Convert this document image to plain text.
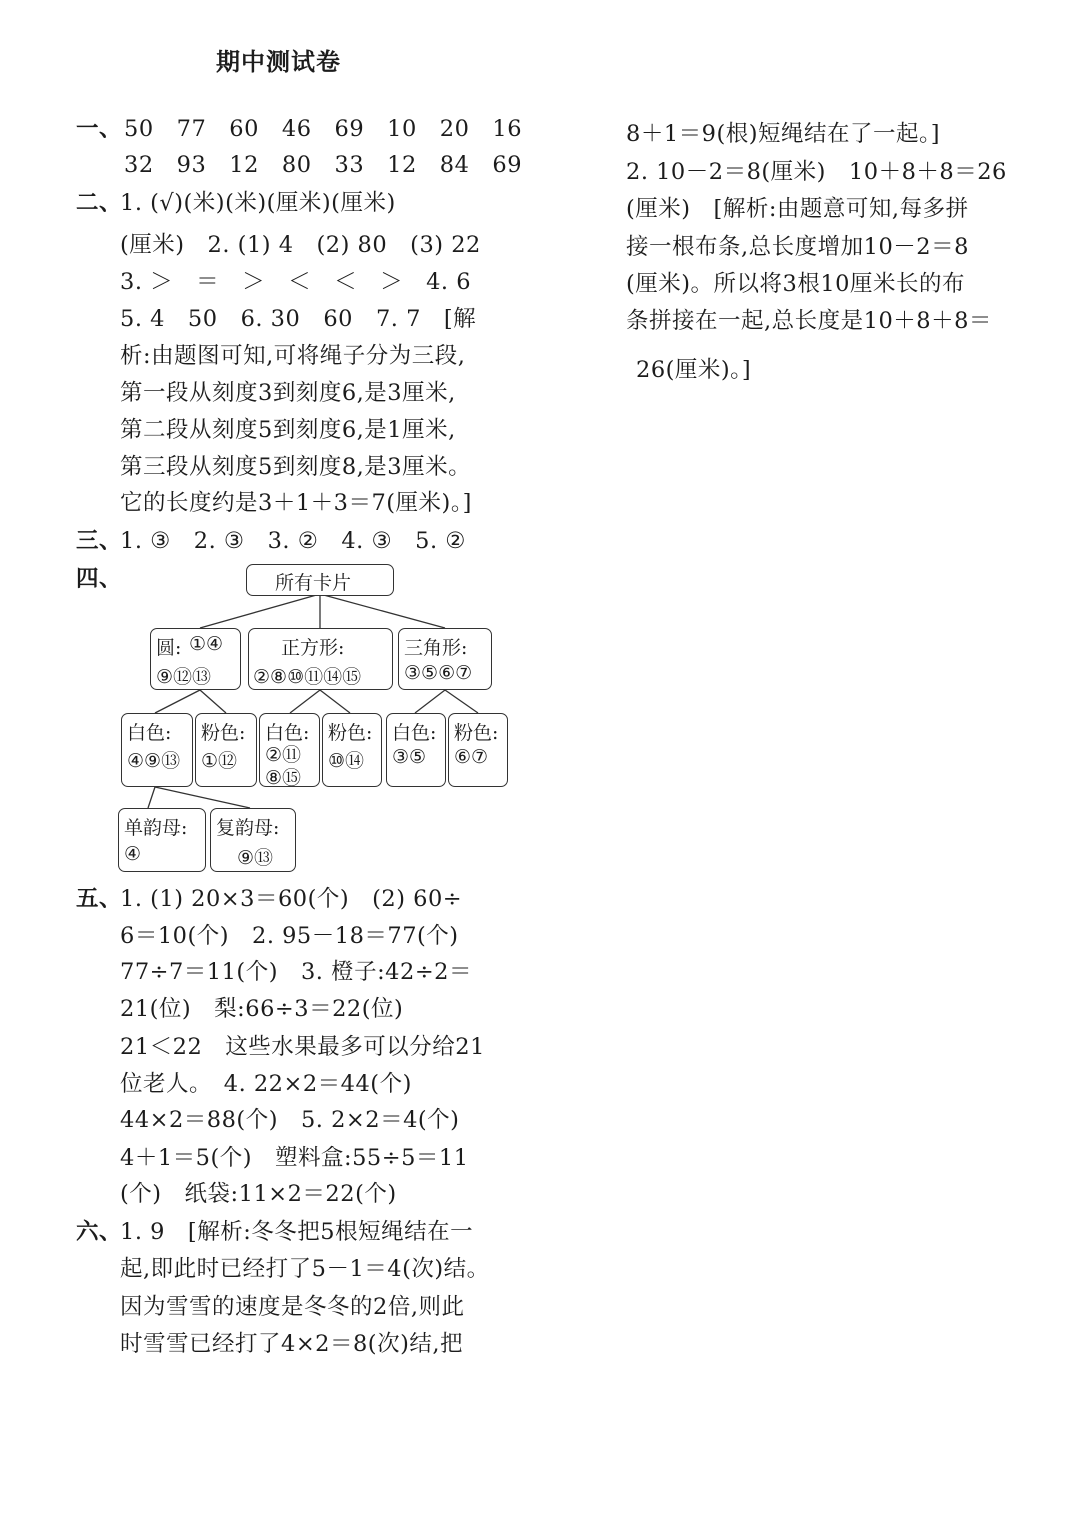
期中测试卷
一、 50　77　60　46　69　10　20　16
32　93　12　80　33　12　84　69
二、
1. (√)(米)(米)(厘米)(厘米)
(厘米)　2. (1) 4　(2) 80　(3) 22
3. ＞　＝　＞　＜　＜　＞　4. 6
5. 4　50　6. 30　60　7. 7　[解
析:由题图可知,可将绳子分为三段,
第一段从刻度3到刻度6,是3厘米,
第二段从刻度5到刻度6,是1厘米,
第三段从刻度5到刻度8,是3厘米。
它的长度约是3＋1＋3＝7(厘米)。]
三、
1. ③　2. ③　3. ②　4. ③　5. ②
四、
五、
1. (1) 20×3＝60(个)　(2) 60÷
6＝10(个)　2. 95－18＝77(个)
77÷7＝11(个)　3. 橙子:42÷2＝
21(位)　梨:66÷3＝22(位)
21＜22　这些水果最多可以分给21
位老人。　4. 22×2＝44(个)
44×2＝88(个)　5. 2×2＝4(个)
4＋1＝5(个)　塑料盒:55÷5＝11
(个)　纸袋:11×2＝22(个)
六、
1. 9　[解析:冬冬把5根短绳结在一
起,即此时已经打了5－1＝4(次)结。
因为雪雪的速度是冬冬的2倍,则此
时雪雪已经打了4×2＝8(次)结,把
8＋1＝9(根)短绳结在了一起。]
2. 10－2＝8(厘米)　10＋8＋8＝26
(厘米)　[解析:由题意可知,每多拼
接一根布条,总长度增加10－2＝8
(厘米)。所以将3根10厘米长的布
条拼接在一起,总长度是10＋8＋8＝
26(厘米)。]
所有卡片
圆: ①④
⑨⑫⑬
正方形:
②⑧⑩⑪⑭⑮
三角形:
③⑤⑥⑦
白色:
④⑨⑬
粉色:
①⑫
白色:
②⑪
⑧⑮
粉色:
⑩⑭
白色:
③⑤
粉色:
⑥⑦
单韵母:
④
复韵母:
⑨⑬
